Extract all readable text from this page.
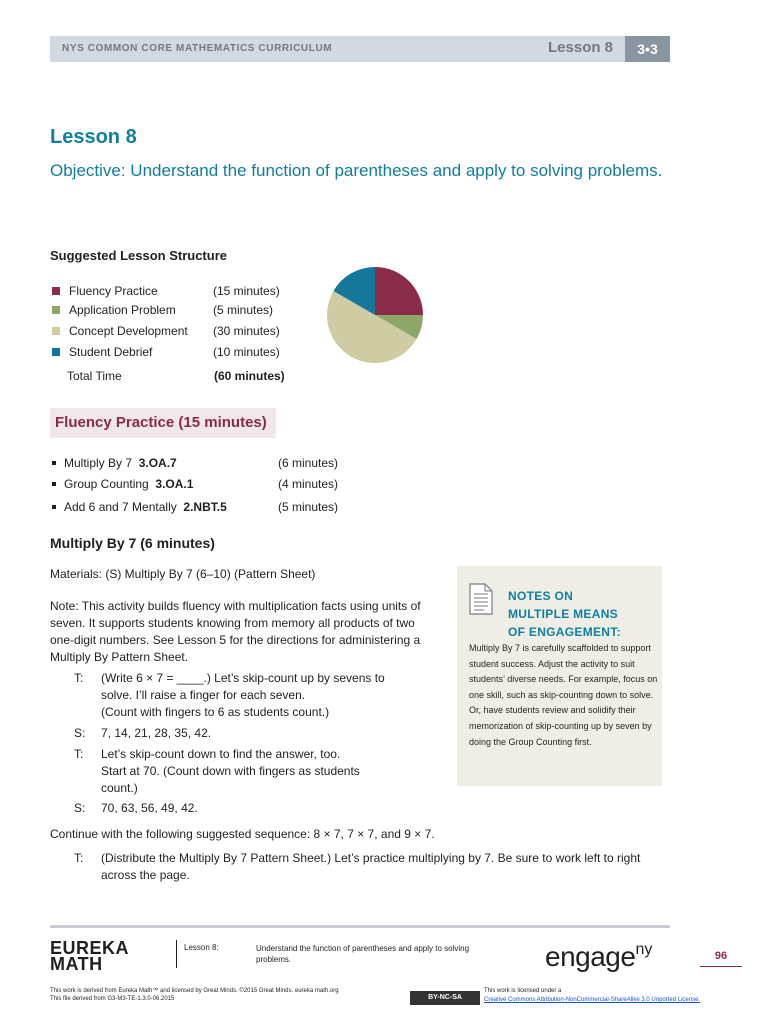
NYS COMMON CORE MATHEMATICS CURRICULUM	Lesson 8	3•3
Lesson 8
Objective: Understand the function of parentheses and apply to solving problems.
Suggested Lesson Structure
Fluency Practice	(15 minutes)
Application Problem	(5 minutes)
Concept Development (30 minutes)
Student Debrief	(10 minutes)
Total Time	(60 minutes)
Fluency Practice (15 minutes)
Multiply By 7 3.OA.7	(6 minutes)
Group Counting 3.OA.1	(4 minutes)
Add 6 and 7 Mentally 2.NBT.5	(5 minutes)
Multiply By 7 (6 minutes)
Materials: (S) Multiply By 7 (6–10) (Pattern Sheet)
Note: This activity builds fluency with multiplication facts using units of seven. It supports students knowing from memory all products of two one-digit numbers. See Lesson 5 for the directions for administering a Multiply By Pattern Sheet.
T: (Write 6 × 7 = ____.) Let’s skip-count up by sevens to solve. I’ll raise a finger for each seven.
(Count with fingers to 6 as students count.)
S: 7, 14, 21, 28, 35, 42.
T: Let’s skip-count down to find the answer, too.
Start at 70. (Count down with fingers as students count.)
S: 70, 63, 56, 49, 42.
Continue with the following suggested sequence: 8 × 7, 7 × 7, and 9 × 7.
T: (Distribute the Multiply By 7 Pattern Sheet.) Let’s practice multiplying by 7. Be sure to work left to right across the page.
NOTES ON
MULTIPLE MEANS
OF ENGAGEMENT:
Multiply By 7 is carefully scaffolded to support student success. Adjust the activity to suit students’ diverse needs. For example, focus on one skill, such as skip-counting down to solve. Or, have students review and solidify their memorization of skip-counting up by seven by doing the Group Counting first.
EUREKA
MATH
Lesson 8:	Understand the function of parentheses and apply to solving problems.	engage$^{ny}$	96
This work is derived from Eureka Math™ and licensed by Great Minds. ©2015 Great Minds. eureka math.org
This file derived from G3-M3-TE-1.3.0-06.2015	BY-NC-SA
This work is licensed under a
Creative Commons Attribution-NonCommercial-ShareAlike 3.0 Unported License.
